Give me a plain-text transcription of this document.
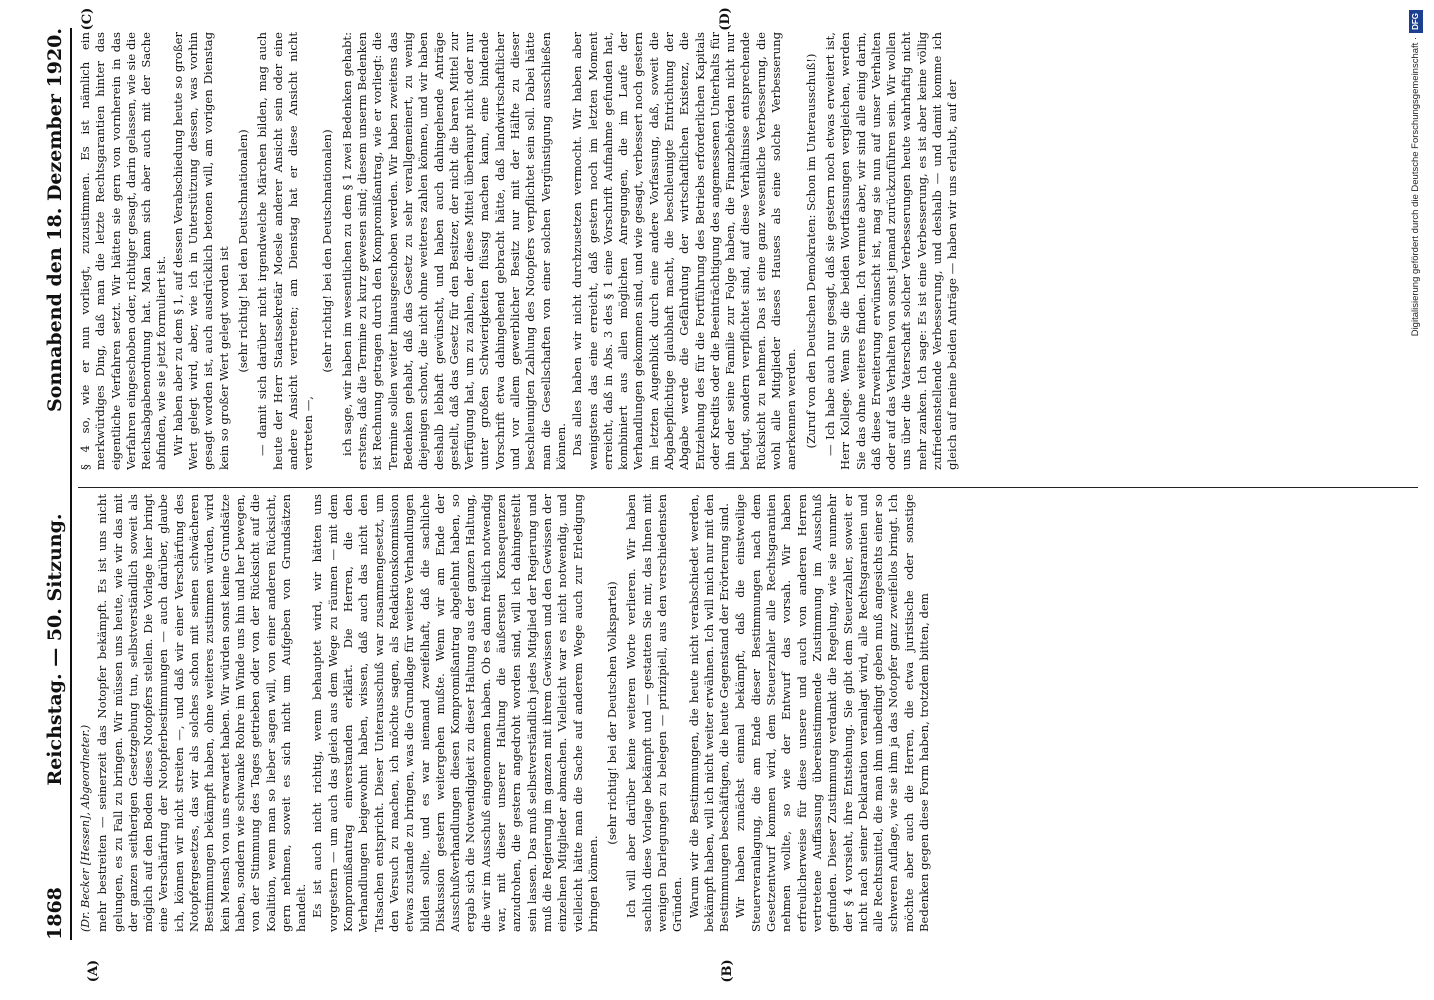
1868
Reichstag. — 50. Sitzung.
Sonnabend den 18. Dezember 1920.
(A)	(B)
(C)	(D)
(Dr. Becker [Hessen], Abgeordneter.) mehr bestreiten — seinerzeit das Notopfer bekämpft. Es ist uns nicht gelungen, es zu Fall zu bringen. Wir müssen uns heute, wie wir das mit der ganzen seitherigen Gesetzgebung tun, selbstverständlich soweit als möglich auf den Boden dieses Notopfers stellen. Die Vorlage hier bringt eine Verschärfung der Notopferbestimmungen — auch darüber, glaube ich, können wir nicht streiten —, und daß wir einer Verschärfung des Notopfergesetzes, das wir als solches schon mit seinen schwächeren Bestimmungen bekämpft haben, ohne weiteres zustimmen würden, wird kein Mensch von uns erwartet haben. Wir würden sonst keine Grundsätze haben, sondern wie schwanke Rohre im Winde uns hin und her bewegen, von der Stimmung des Tages getrieben oder von der Rücksicht auf die Koalition, wenn man so lieber sagen will, von einer anderen Rücksicht, gern nehmen, soweit es sich nicht um Aufgeben von Grundsätzen handelt. Es ist auch nicht richtig, wenn behauptet wird, wir hätten uns vorgestern — um auch das gleich aus dem Wege zu räumen — mit dem Kompromißantrag einverstanden erklärt. Die Herren, die den Verhandlungen beigewohnt haben, wissen, daß auch das nicht den Tatsachen entspricht. Dieser Unterausschuß war zusammengesetzt, um den Versuch zu machen, ich möchte sagen, als Redaktionskommission etwas zustande zu bringen, was die Grundlage für weitere Verhandlungen bilden sollte, und es war niemand zweifelhaft, daß die sachliche Diskussion gestern weitergehen mußte. Wenn wir am Ende der Ausschußverhandlungen diesen Kompromißantrag abgelehnt haben, so ergab sich die Notwendigkeit zu dieser Haltung aus der ganzen Haltung, die wir im Ausschuß eingenommen haben. Ob es dann freilich notwendig war, mit dieser unserer Haltung die äußersten Konsequenzen anzudrohen, die gestern angedroht worden sind, will ich dahingestellt sein lassen. Das muß selbstverständlich jedes Mitglied der Regierung und muß die Regierung im ganzen mit ihrem Gewissen und den Gewissen der einzelnen Mitglieder abmachen. Vielleicht war es nicht notwendig, und vielleicht hätte man die Sache auf anderem Wege auch zur Erledigung bringen können.

(sehr richtig! bei der Deutschen Volkspartei) Ich will aber darüber keine weiteren Worte verlieren. Wir haben sachlich diese Vorlage bekämpft und — gestatten Sie mir, das Ihnen mit wenigen Darlegungen zu belegen — prinzipiell, aus den verschiedensten Gründen. Warum wir die Bestimmungen, die heute nicht verabschiedet werden, bekämpft haben, will ich nicht weiter erwähnen. Ich will mich nur mit den Bestimmungen beschäftigen, die heute Gegenstand der Erörterung sind. Wir haben zunächst einmal bekämpft, daß die einstweilige Steuerveranlagung, die am Ende dieser Bestimmungen nach dem Gesetzentwurf kommen wird, dem Steuerzahler alle Rechtsgarantien nehmen wollte, so wie der Entwurf das vorsah. Wir haben erfreulicherweise für diese unsere und auch von anderen Herren vertretene Auffassung übereinstimmende Zustimmung im Ausschuß gefunden. Dieser Zustimmung verdankt die Regelung, wie sie nunmehr der § 4 vorsieht, ihre Entstehung. Sie gibt dem Steuerzahler, soweit er nicht nach seiner Deklaration veranlagt wird, alle Rechtsgarantien und alle Rechtsmittel, die man ihm unbedingt geben muß angesichts einer so schweren Auflage, wie sie ihm ja das Notopfer ganz zweifellos bringt. Ich möchte aber auch die Herren, die etwa juristische oder sonstige Bedenken gegen diese Form haben, trotzdem bitten, dem

§ 4 so, wie er nun vorliegt, zuzustimmen. Es ist nämlich ein merkwürdiges Ding, daß man die letzte Rechtsgarantien hinter das eigentliche Verfahren setzt. Wir hätten sie gern von vornherein in das Verfahren eingeschoben oder, richtiger gesagt, darin gelassen, wie sie die Reichsabgabenordnung hat. Man kann sich aber auch mit der Sache abfinden, wie sie jetzt formuliert ist. Wir haben aber zu dem § 1, auf dessen Verabschiedung heute so großer Wert gelegt wird, aber, wie ich in Unterstützung dessen, was vorhin gesagt worden ist, auch ausdrücklich betonen will, am vorigen Dienstag kein so großer Wert gelegt worden ist (sehr richtig! bei den Deutschnationalen) — damit sich darüber nicht irgendwelche Märchen bilden, mag auch heute der Herr Staatssekretär Moesle anderer Ansicht sein oder eine andere Ansicht vertreten; am Dienstag hat er diese Ansicht nicht vertreten —,

(sehr richtig! bei den Deutschnationalen) ich sage, wir haben im wesentlichen zu dem § 1 zwei Bedenken gehabt: erstens, daß die Termine zu kurz gewesen sind; diesem unserm Bedenken ist Rechnung getragen durch den Kompromißantrag, wie er vorliegt: die Termine sollen weiter hinausgeschoben werden. Wir haben zweitens das Bedenken gehabt, daß das Gesetz zu sehr verallgemeinert, zu wenig diejenigen schont, die nicht ohne weiteres zahlen können, und wir haben deshalb lebhaft gewünscht, und haben auch dahingehende Anträge gestellt, daß das Gesetz für den Besitzer, der nicht die baren Mittel zur Verfügung hat, um zu zahlen, der diese Mittel überhaupt nicht oder nur unter großen Schwierigkeiten flüssig machen kann, eine bindende Vorschrift etwa dahingehend gebracht hätte, daß landwirtschaftlicher und vor allem gewerblicher Besitz nur mit der Hälfte zu dieser beschleunigten Zahlung des Notopfers verpflichtet sein soll. Dabei hätte man die Gesellschaften von einer solchen Vergünstigung ausschließen können. Das alles haben wir nicht durchzusetzen vermocht. Wir haben aber wenigstens das eine erreicht, daß gestern noch im letzten Moment erreicht, daß in Abs. 3 des § 1 eine Vorschrift Aufnahme gefunden hat, kombiniert aus allen möglichen Anregungen, die im Laufe der Verhandlungen gekommen sind, und wie gesagt, verbessert noch gestern im letzten Augenblick durch eine andere Vorfassung, daß, soweit die Abgabepflichtige glaubhaft macht, die beschleunigte Entrichtung der Abgabe werde die Gefährdung der wirtschaftlichen Existenz, die Entziehung des für die Fortführung des Betriebs erforderlichen Kapitals oder Kredits oder die Beeinträchtigung des angemessenen Unterhalts für ihn oder seine Familie zur Folge haben, die Finanzbehörden nicht nur befugt, sondern verpflichtet sind, auf diese Verhältnisse entsprechende Rücksicht zu nehmen. Das ist eine ganz wesentliche Verbesserung, die wohl alle Mitglieder dieses Hauses als eine solche Verbesserung anerkennen werden. (Zuruf von den Deutschen Demokraten: Schon im Unterausschuß!) — Ich habe auch nur gesagt, daß sie gestern noch etwas erweitert ist, Herr Kollege. Wenn Sie die beiden Wortfassungen vergleichen, werden Sie das ohne weiteres finden. Ich vermute aber, wir sind alle einig darin, daß diese Erweiterung erwünscht ist, mag sie nun auf unser Verhalten oder auf das Verhalten von sonst jemand zurückzuführen sein. Wir wollen uns über die Vaterschaft solcher Verbesserungen heute wahrhaftig nicht mehr zanken. Ich sage: Es ist eine Verbesserung, es ist aber keine völlig zufriedenstellende Verbesserung, und deshalb — und damit komme ich gleich auf meine beiden Anträge — haben wir uns erlaubt, auf der	Digitalisierung gefördert durch die Deutsche Forschungsgemeinschaft ·
DFG
